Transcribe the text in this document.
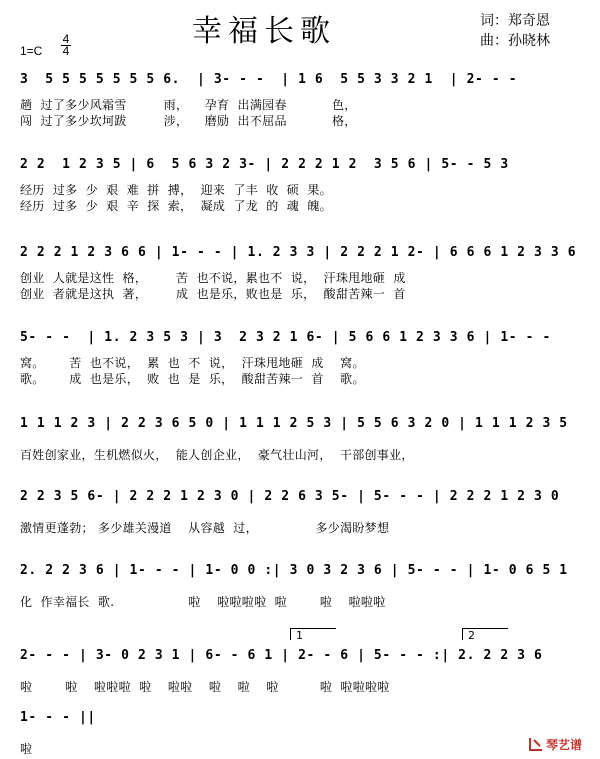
幸福长歌	词：郑奇恩
曲：孙晓林
1=C
4
4
3  5 5 5 5 5 5 5 6.  | 3- - -  | 1 6  5 5 3 3 2 1  | 2- - -
趟  过了多少风霜雪         雨，    孕育  出满园春           色，
闯  过了多少坎坷跋         涉，    磨励  出不屈品           格，
2 2  1 2 3 5 | 6  5 6 3 2 3- | 2 2 2 1 2  3 5 6 | 5- - 5 3
经历  过多  少  艰  难  拼  搏，  迎来  了丰  收  硕  果。
经历  过多  少  艰  辛  探  索，  凝成  了龙  的  魂  魄。
2 2 2 1 2 3 6 6 | 1- - - | 1. 2 3 3 | 2 2 2 1 2- | 6 6 6 1 2 3 3 6
创业  人就是这性  格，       苦  也不说，累也不  说，  汗珠甩地砸  成
创业  者就是这执  著，       成  也是乐，败也是  乐，  酸甜苦辣一  首
5- - -  | 1. 2 3 5 3 | 3  2 3 2 1 6- | 5 6 6 1 2 3 3 6 | 1- - -
窝。      苦  也不说，  累  也  不  说，  汗珠甩地砸  成    窝。
歌。      成  也是乐，  败  也  是  乐，  酸甜苦辣一  首    歌。
1 1 1 2 3 | 2 2 3 6 5 0 | 1 1 1 2 5 3 | 5 5 6 3 2 0 | 1 1 1 2 3 5
百姓创家业，生机燃似火，  能人创企业，  豪气壮山河，  干部创事业，
2 2 3 5 6- | 2 2 2 1 2 3 0 | 2 2 6 3 5- | 5- - - | 2 2 2 1 2 3 0
激情更蓬勃； 多少雄关漫道    从容越  过，              多少渴盼梦想
2. 2 2 3 6 | 1- - - | 1- 0 0 :| 3 0 3 2 3 6 | 5- - - | 1- 0 6 5 1
化  作幸福长  歌.                  啦    啦啦啦啦  啦        啦    啦啦啦
1	2
2- - - | 3- 0 2 3 1 | 6- - 6 1 | 2- - 6 | 5- - - :| 2. 2 2 3 6
啦        啦    啦啦啦  啦    啦啦    啦    啦    啦          啦  啦啦啦啦
1- - - ||
啦	琴艺谱
